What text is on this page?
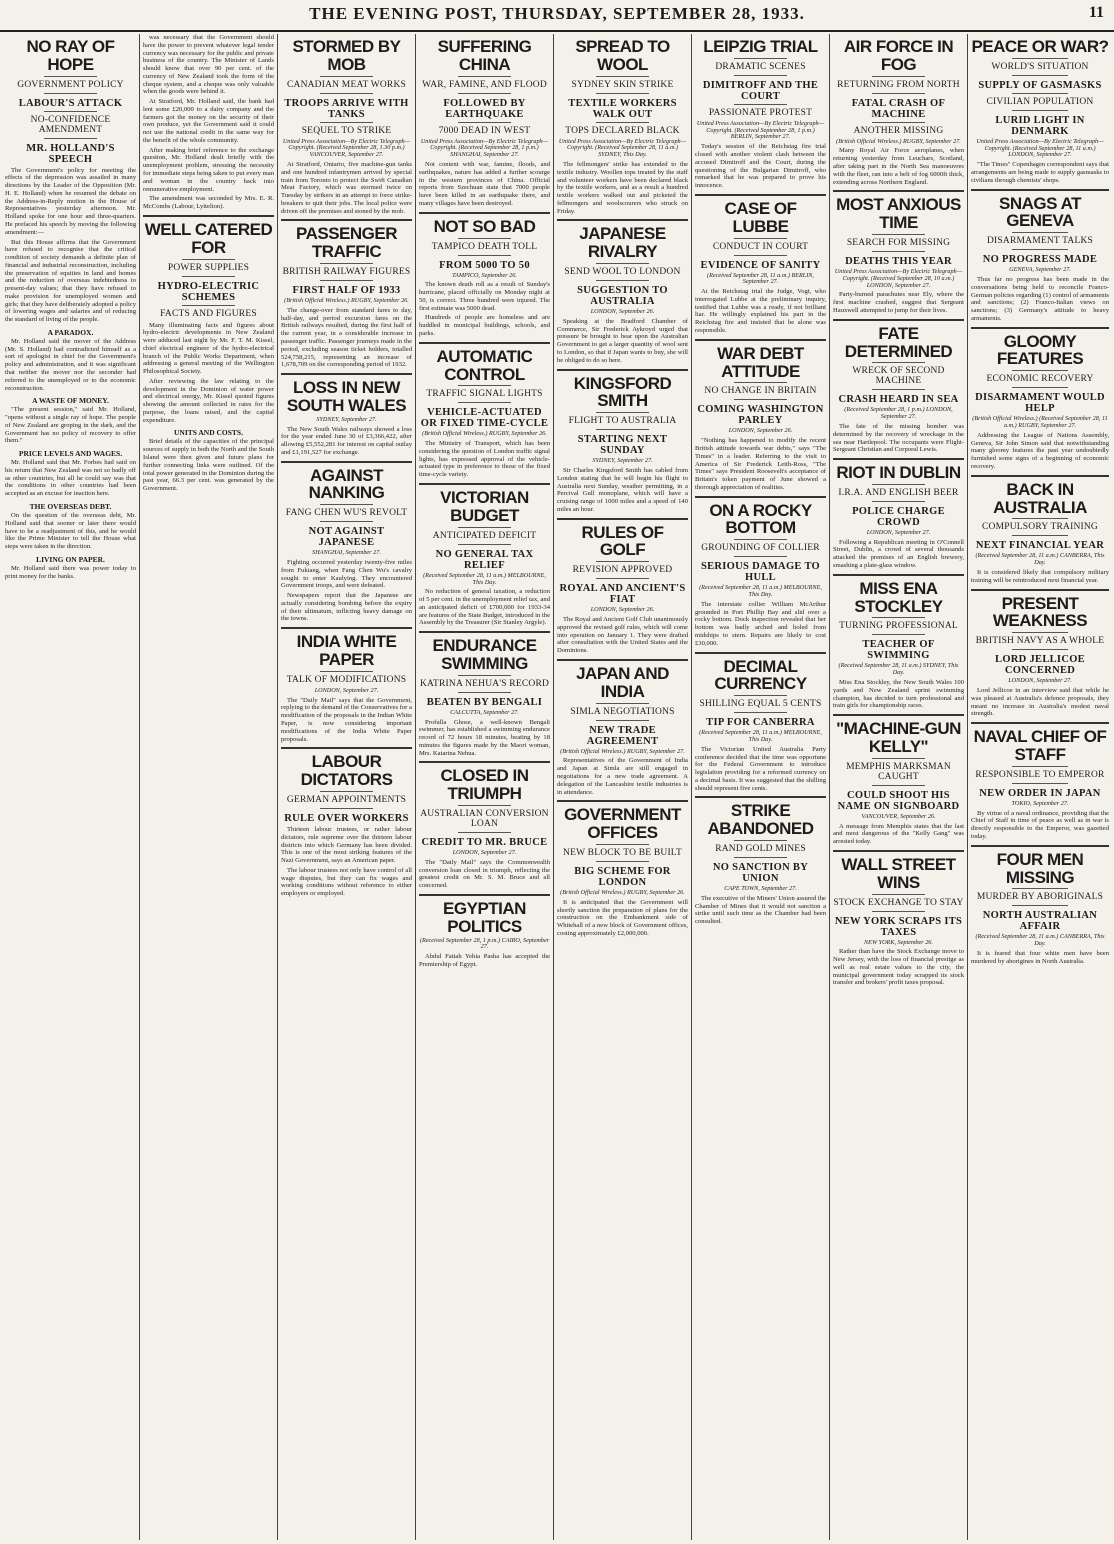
THE EVENING POST, THURSDAY, SEPTEMBER 28, 1933.	11
NO RAY OF HOPE
GOVERNMENT POLICY
LABOUR'S ATTACK
NO-CONFIDENCE AMENDMENT
MR. HOLLAND'S SPEECH
The Government's policy for meeting the effects of the depression was assailed in many directions by the Leader of the Opposition (Mr. H. E. Holland) when he resumed the debate on the Address-in-Reply motion in the House of Representatives yesterday afternoon. Mr. Holland spoke for one hour and three-quarters. He prefaced his speech by moving the following amendment:—
But this House affirms that the Government have refused to recognise that the critical condition of society demands a definite plan of financial and industrial reconstruction, including the preservation of equities in land and homes and the reduction of overseas indebtedness to present-day values; that they have refused to make provision for unemployed women and girls; that they have deliberately adopted a policy of lowering wages and salaries and of reducing the standard of living of the people.
A PARADOX.
Mr. Holland said the mover of the Address (Mr. S. Holland) had contradicted himself as a sort of apologist in chief for the Government's policy and administration, and it was significant that neither the mover nor the seconder had referred to the unemployed or to the economic reconstruction.
A WASTE OF MONEY.
"The present session," said Mr. Holland, "opens without a single ray of hope. The people of New Zealand are groping in the dark, and the Government has no policy of recovery to offer them."
PRICE LEVELS AND WAGES.
Mr. Holland said that Mr. Forbes had said on his return that New Zealand was not so badly off as other countries, but all he could say was that the conditions in other countries had been accepted as an excuse for inaction here.
THE OVERSEAS DEBT.
On the question of the overseas debt, Mr. Holland said that sooner or later there would have to be a readjustment of this, and he would like the Prime Minister to tell the House what steps were taken in the direction.
LIVING ON PAPER.
Mr. Holland said there was power today to print money for the banks.
was necessary that the Government should have the power to prevent whatever legal tender currency was necessary for the public and private business of the country. The Minister of Lands should know that over 90 per cent. of the currency of New Zealand took the form of the cheque system, and a cheque was only valuable when the goods were behind it.
At Stratford, Mr. Holland said, the bank had lent some £20,000 to a dairy company and the farmers got the money on the security of their own produce, yet the Government said it could not use the national credit in the same way for the benefit of the whole community.
After making brief reference to the exchange question, Mr. Holland dealt briefly with the unemployment problem, stressing the necessity for immediate steps being taken to put every man and woman in the country back into remunerative employment.
The amendment was seconded by Mrs. E. R. McCombs (Labour, Lyttelton).
WELL CATERED FOR
POWER SUPPLIES
HYDRO-ELECTRIC SCHEMES
FACTS AND FIGURES
Many illuminating facts and figures about hydro-electric developments in New Zealand were adduced last night by Mr. F. T. M. Kissel, chief electrical engineer of the hydro-electrical branch of the Public Works Department, when addressing a general meeting of the Wellington Philosophical Society.
After reviewing the law relating to the development in the Dominion of water power and electrical energy, Mr. Kissel quoted figures showing the amount collected in rates for the purpose, the loans raised, and the capital expenditure.
UNITS AND COSTS.
Brief details of the capacities of the principal sources of supply in both the North and the South Island were then given and future plans for further connecting links were outlined. Of the total power generated in the Dominion during the past year, 66.3 per cent. was generated by the Government.
STORMED BY MOB
CANADIAN MEAT WORKS
TROOPS ARRIVE WITH TANKS
SEQUEL TO STRIKE
United Press Association—By Electric Telegraph—Copyright. (Received September 28, 1.30 p.m.) VANCOUVER, September 27.
At Stratford, Ontario, five machine-gun tanks and one hundred infantrymen arrived by special train from Toronto to protect the Swift Canadian Meat Factory, which was stormed twice on Tuesday by strikers in an attempt to force strike-breakers to quit their jobs. The local police were driven off the premises and stoned by the mob.
PASSENGER TRAFFIC
BRITISH RAILWAY FIGURES
FIRST HALF OF 1933
(British Official Wireless.) RUGBY, September 26.
The change-over from standard fares to day, half-day, and period excursion fares on the British railways resulted, during the first half of the current year, in a considerable increase in passenger traffic. Passenger journeys made in the period, excluding season ticket holders, totalled 524,758,215, representing an increase of 1,678,709 on the corresponding period of 1932.
LOSS IN NEW SOUTH WALES
SYDNEY, September 27.
The New South Wales railways showed a loss for the year ended June 30 of £3,366,422, after allowing £5,552,281 for interest on capital outlay and £1,191,527 for exchange.
AGAINST NANKING
FANG CHEN WU'S REVOLT
NOT AGAINST JAPANESE
SHANGHAI, September 27.
Fighting occurred yesterday twenty-five miles from Fukiang, when Fang Chen Wu's cavalry sought to enter Kaulying. They encountered Government troops, and were defeated.
Newspapers report that the Japanese are actually considering bombing before the expiry of their ultimatum, inflicting heavy damage on the towns.
INDIA WHITE PAPER
TALK OF MODIFICATIONS
LONDON, September 27.
The "Daily Mail" says that the Government, replying to the demand of the Conservatives for a modification of the proposals in the Indian White Paper, is now considering important modifications of the India White Paper proposals.
LABOUR DICTATORS
GERMAN APPOINTMENTS
RULE OVER WORKERS
Thirteen labour trustees, or rather labour dictators, rule supreme over the thirteen labour districts into which Germany has been divided. This is one of the most striking features of the Nazi Government, says an American paper.
The labour trustees not only have control of all wage disputes, but they can fix wages and working conditions without reference to either employers or employed.
SUFFERING CHINA
WAR, FAMINE, AND FLOOD
FOLLOWED BY EARTHQUAKE
7000 DEAD IN WEST
United Press Association—By Electric Telegraph—Copyright. (Received September 28, 1 p.m.) SHANGHAI, September 27.
Not content with war, famine, floods, and earthquakes, nature has added a further scourge in the western provinces of China. Official reports from Szechuan state that 7000 people have been killed in an earthquake there, and many villages have been destroyed.
NOT SO BAD
TAMPICO DEATH TOLL
FROM 5000 TO 50
TAMPICO, September 26.
The known death roll as a result of Sunday's hurricane, placed officially on Monday night at 50, is correct. Three hundred were injured. The first estimate was 5000 dead.
Hundreds of people are homeless and are huddled in municipal buildings, schools, and parks.
AUTOMATIC CONTROL
TRAFFIC SIGNAL LIGHTS
VEHICLE-ACTUATED OR FIXED TIME-CYCLE
(British Official Wireless.) RUGBY, September 26.
The Ministry of Transport, which has been considering the question of London traffic signal lights, has expressed approval of the vehicle-actuated type in preference to those of the fixed time-cycle variety.
VICTORIAN BUDGET
ANTICIPATED DEFICIT
NO GENERAL TAX RELIEF
(Received September 28, 11 a.m.) MELBOURNE, This Day.
No reduction of general taxation, a reduction of 5 per cent. in the unemployment relief tax, and an anticipated deficit of £700,000 for 1933-34 are features of the State Budget, introduced in the Assembly by the Treasurer (Sir Stanley Argyle).
ENDURANCE SWIMMING
KATRINA NEHUA'S RECORD
BEATEN BY BENGALI
CALCUTTA, September 27.
Profulla Ghose, a well-known Bengali swimmer, has established a swimming endurance record of 72 hours 18 minutes, beating by 18 minutes the figures made by the Maori woman, Mrs. Katarina Nehua.
CLOSED IN TRIUMPH
AUSTRALIAN CONVERSION LOAN
CREDIT TO MR. BRUCE
LONDON, September 27.
The "Daily Mail" says the Commonwealth conversion loan closed in triumph, reflecting the greatest credit on Mr. S. M. Bruce and all concerned.
EGYPTIAN POLITICS
(Received September 28, 1 p.m.) CAIRO, September 27.
Abdul Fattah Yehia Pasha has accepted the Premiership of Egypt.
SPREAD TO WOOL
SYDNEY SKIN STRIKE
TEXTILE WORKERS WALK OUT
TOPS DECLARED BLACK
United Press Association—By Electric Telegraph—Copyright. (Received September 28, 11 a.m.) SYDNEY, This Day.
The fellmongers' strike has extended to the textile industry. Woollen tops treated by the staff and volunteer workers have been declared black by the textile workers, and as a result a hundred textile workers walked out and picketed the fellmongers and woolscourers who struck on Friday.
JAPANESE RIVALRY
SEND WOOL TO LONDON
SUGGESTION TO AUSTRALIA
LONDON, September 26.
Speaking at the Bradford Chamber of Commerce, Sir Frederick Aykroyd urged that pressure be brought to bear upon the Australian Government to get a larger quantity of wool sent to London, so that if Japan wants to buy, she will be obliged to do so here.
KINGSFORD SMITH
FLIGHT TO AUSTRALIA
STARTING NEXT SUNDAY
SYDNEY, September 27.
Sir Charles Kingsford Smith has cabled from London stating that he will begin his flight to Australia next Sunday, weather permitting, in a Percival Gull monoplane, which will have a cruising range of 1000 miles and a speed of 140 miles an hour.
RULES OF GOLF
REVISION APPROVED
ROYAL AND ANCIENT'S FIAT
LONDON, September 26.
The Royal and Ancient Golf Club unanimously approved the revised golf rules, which will come into operation on January 1. They were drafted after consultation with the United States and the Dominions.
JAPAN AND INDIA
SIMLA NEGOTIATIONS
NEW TRADE AGREEMENT
(British Official Wireless.) RUGBY, September 27.
Representatives of the Government of India and Japan at Simla are still engaged in negotiations for a new trade agreement. A delegation of the Lancashire textile industries is in attendance.
GOVERNMENT OFFICES
NEW BLOCK TO BE BUILT
BIG SCHEME FOR LONDON
(British Official Wireless.) RUGBY, September 26.
It is anticipated that the Government will shortly sanction the preparation of plans for the construction on the Embankment side of Whitehall of a new block of Government offices, costing approximately £2,000,000.
LEIPZIG TRIAL
DRAMATIC SCENES
DIMITROFF AND THE COURT
PASSIONATE PROTEST
United Press Association—By Electric Telegraph—Copyright. (Received September 28, 1 p.m.) BERLIN, September 27.
Today's session of the Reichstag fire trial closed with another violent clash between the accused Dimitroff and the Court, during the questioning of the Bulgarian Dimitroff, who remarked that he was prepared to prove his innocence.
CASE OF LUBBE
CONDUCT IN COURT
EVIDENCE OF SANITY
(Received September 28, 11 a.m.) BERLIN, September 27.
At the Reichstag trial the Judge, Vogt, who interrogated Lubbe at the preliminary inquiry, testified that Lubbe was a ready, if not brilliant liar. He willingly explained his part in the Reichstag fire and insisted that he alone was responsible.
WAR DEBT ATTITUDE
NO CHANGE IN BRITAIN
COMING WASHINGTON PARLEY
LONDON, September 26.
"Nothing has happened to modify the recent British attitude towards war debts," says "The Times" in a leader. Referring to the visit to America of Sir Frederick Leith-Ross, "The Times" says President Roosevelt's acceptance of Britain's token payment of June showed a thorough appreciation of realities.
ON A ROCKY BOTTOM
GROUNDING OF COLLIER
SERIOUS DAMAGE TO HULL
(Received September 28, 11 a.m.) MELBOURNE, This Day.
The interstate collier William McArthur grounded in Port Phillip Bay and slid over a rocky bottom. Dock inspection revealed that her bottom was badly arched and holed from midships to stern. Repairs are likely to cost £30,000.
DECIMAL CURRENCY
SHILLING EQUAL 5 CENTS
TIP FOR CANBERRA
(Received September 28, 11 a.m.) MELBOURNE, This Day.
The Victorian United Australia Party conference decided that the time was opportune for the Federal Government to introduce legislation providing for a reformed currency on a decimal basis. It was suggested that the shilling should represent five cents.
STRIKE ABANDONED
RAND GOLD MINES
NO SANCTION BY UNION
CAPE TOWN, September 27.
The executive of the Miners' Union assured the Chamber of Mines that it would not sanction a strike until such time as the Chamber had been consulted.
AIR FORCE IN FOG
RETURNING FROM NORTH
FATAL CRASH OF MACHINE
ANOTHER MISSING
(British Official Wireless.) RUGBY, September 27.
Many Royal Air Force aeroplanes, when returning yesterday from Leuchars, Scotland, after taking part in the North Sea manoeuvres with the fleet, ran into a belt of fog 6000ft thick, extending across Northern England.
MOST ANXIOUS TIME
SEARCH FOR MISSING
DEATHS THIS YEAR
United Press Association—By Electric Telegraph—Copyright. (Received September 28, 10 a.m.) LONDON, September 27.
Party-burned parachutes near Ely, where the first machine crashed, suggest that Sergeant Hauxwell attempted to jump for their lives.
FATE DETERMINED
WRECK OF SECOND MACHINE
CRASH HEARD IN SEA
(Received September 28, 1 p.m.) LONDON, September 27.
The fate of the missing bomber was determined by the recovery of wreckage in the sea near Hartlepool. The occupants were Flight-Sergeant Christian and Corporal Lewis.
RIOT IN DUBLIN
I.R.A. AND ENGLISH BEER
POLICE CHARGE CROWD
LONDON, September 27.
Following a Republican meeting in O'Connell Street, Dublin, a crowd of several thousands attacked the premises of an English brewery, smashing a plate-glass window.
MISS ENA STOCKLEY
TURNING PROFESSIONAL
TEACHER OF SWIMMING
(Received September 28, 11 a.m.) SYDNEY, This Day.
Miss Ena Stockley, the New South Wales 100 yards and New Zealand sprint swimming champion, has decided to turn professional and train girls for championship races.
"MACHINE-GUN KELLY"
MEMPHIS MARKSMAN CAUGHT
COULD SHOOT HIS NAME ON SIGNBOARD
VANCOUVER, September 26.
A message from Memphis states that the last and most dangerous of the "Kelly Gang" was arrested today.
WALL STREET WINS
STOCK EXCHANGE TO STAY
NEW YORK SCRAPS ITS TAXES
NEW YORK, September 26.
Rather than have the Stock Exchange move to New Jersey, with the loss of financial prestige as well as real estate values to the city, the municipal government today scrapped its stock transfer and brokers' profit taxes proposal.
PEACE OR WAR?
WORLD'S SITUATION
SUPPLY OF GASMASKS
CIVILIAN POPULATION
LURID LIGHT IN DENMARK
United Press Association—By Electric Telegraph—Copyright. (Received September 28, 11 a.m.) LONDON, September 27.
"The Times" Copenhagen correspondent says that arrangements are being made to supply gasmasks to civilians through chemists' shops.
SNAGS AT GENEVA
DISARMAMENT TALKS
NO PROGRESS MADE
GENEVA, September 27.
Thus far no progress has been made in the conversations being held to reconcile Franco-German policies regarding (1) control of armaments and sanctions; (2) Franco-Italian views on sanctions; (3) Germany's attitude to heavy armaments.
GLOOMY FEATURES
ECONOMIC RECOVERY
DISARMAMENT WOULD HELP
(British Official Wireless.) (Received September 28, 11 a.m.) RUGBY, September 27.
Addressing the League of Nations Assembly, Geneva, Sir John Simon said that notwithstanding many gloomy features the past year undoubtedly furnished some signs of a beginning of economic recovery.
BACK IN AUSTRALIA
COMPULSORY TRAINING
NEXT FINANCIAL YEAR
(Received September 28, 11 a.m.) CANBERRA, This Day.
It is considered likely that compulsory military training will be reintroduced next financial year.
PRESENT WEAKNESS
BRITISH NAVY AS A WHOLE
LORD JELLICOE CONCERNED
LONDON, September 27.
Lord Jellicoe in an interview said that while he was pleased at Australia's defence proposals, they meant no increase in Australia's modest naval strength.
NAVAL CHIEF OF STAFF
RESPONSIBLE TO EMPEROR
NEW ORDER IN JAPAN
TOKIO, September 27.
By virtue of a naval ordinance, providing that the Chief of Staff in time of peace as well as in war is directly responsible to the Emperor, was gazetted today.
FOUR MEN MISSING
MURDER BY ABORIGINALS
NORTH AUSTRALIAN AFFAIR
(Received September 28, 11 a.m.) CANBERRA, This Day.
It is feared that four white men have been murdered by aborigines in North Australia.
